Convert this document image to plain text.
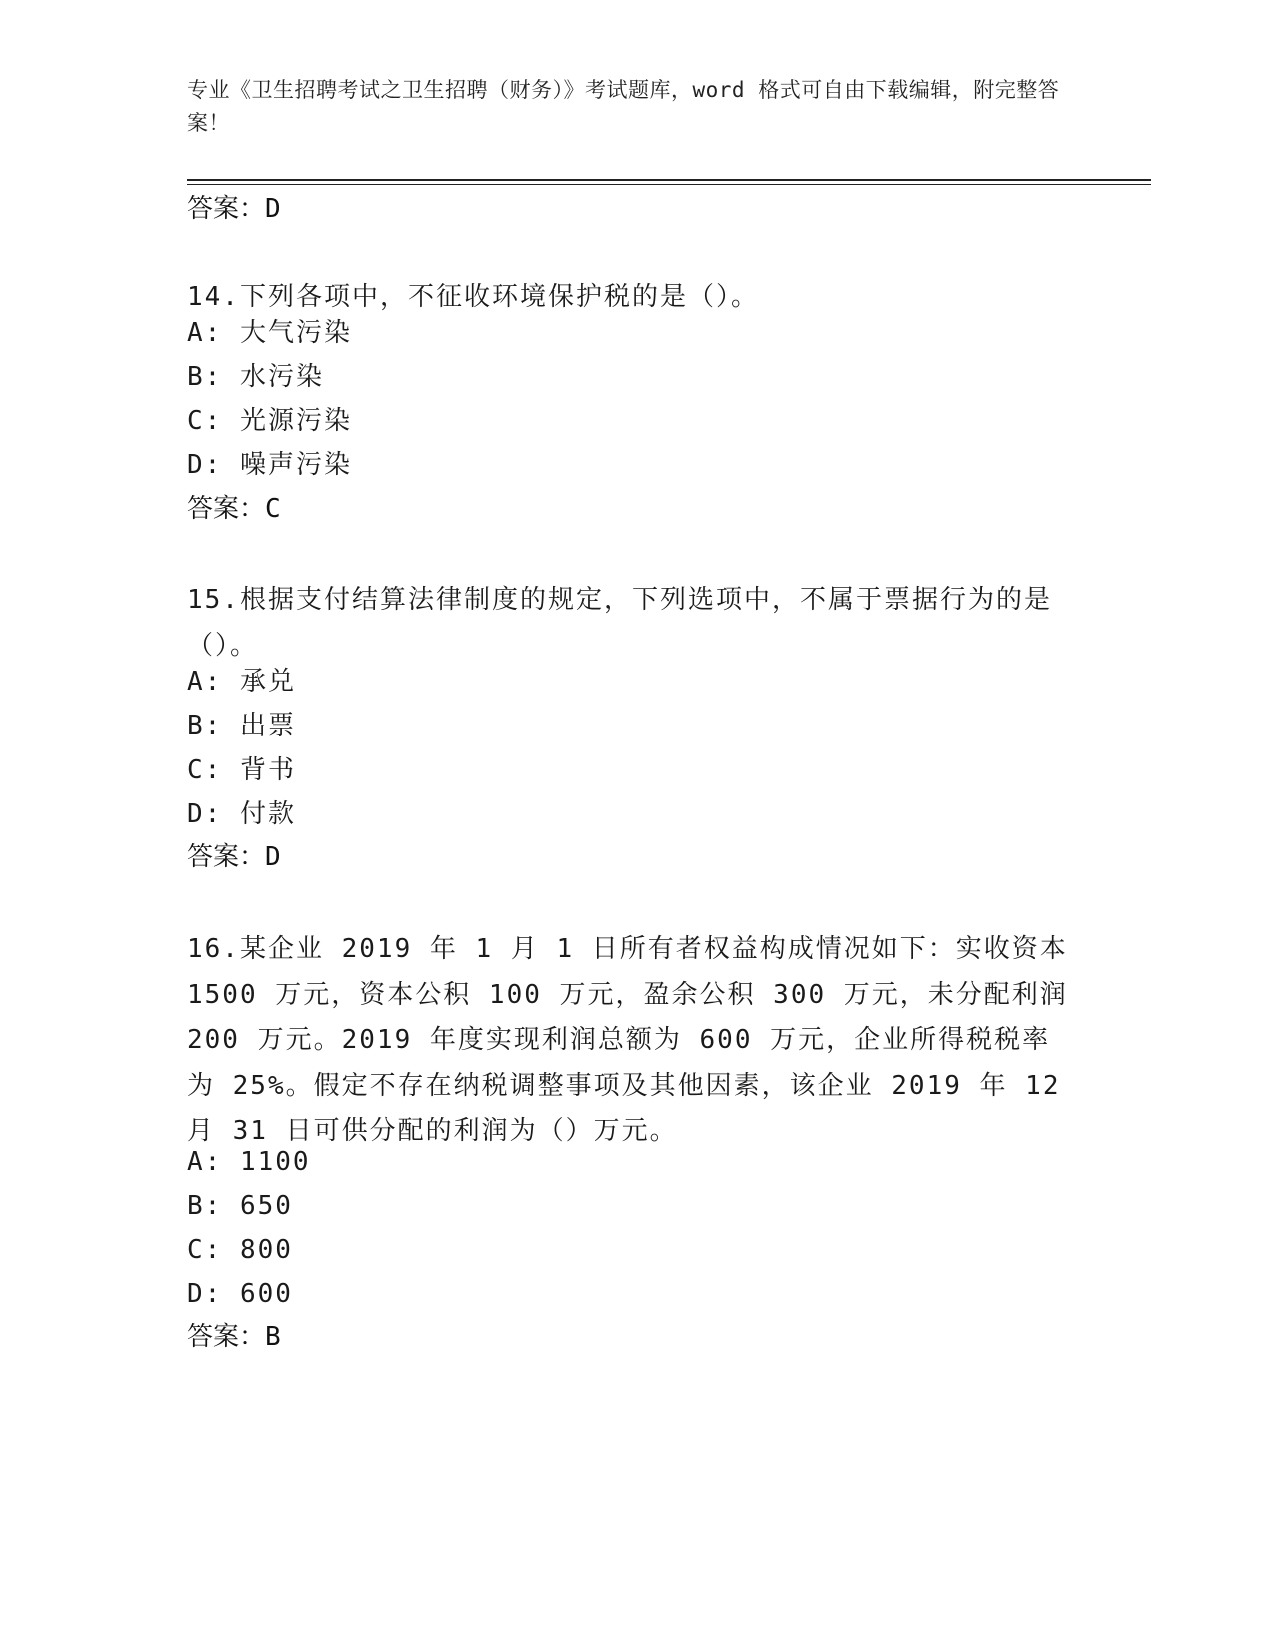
专业《卫生招聘考试之卫生招聘（财务）》考试题库，word 格式可自由下载编辑，附完整答案！
答案：D
14.下列各项中，不征收环境保护税的是（）。
A: 大气污染
B: 水污染
C: 光源污染
D: 噪声污染
答案：C
15.根据支付结算法律制度的规定，下列选项中，不属于票据行为的是（）。
A: 承兑
B: 出票
C: 背书
D: 付款
答案：D
16.某企业 2019 年 1 月 1 日所有者权益构成情况如下：实收资本 1500 万元，资本公积 100 万元，盈余公积 300 万元，未分配利润 200 万元。2019 年度实现利润总额为 600 万元，企业所得税税率为 25%。假定不存在纳税调整事项及其他因素，该企业 2019 年 12 月 31 日可供分配的利润为（）万元。
A: 1100
B: 650
C: 800
D: 600
答案：B
